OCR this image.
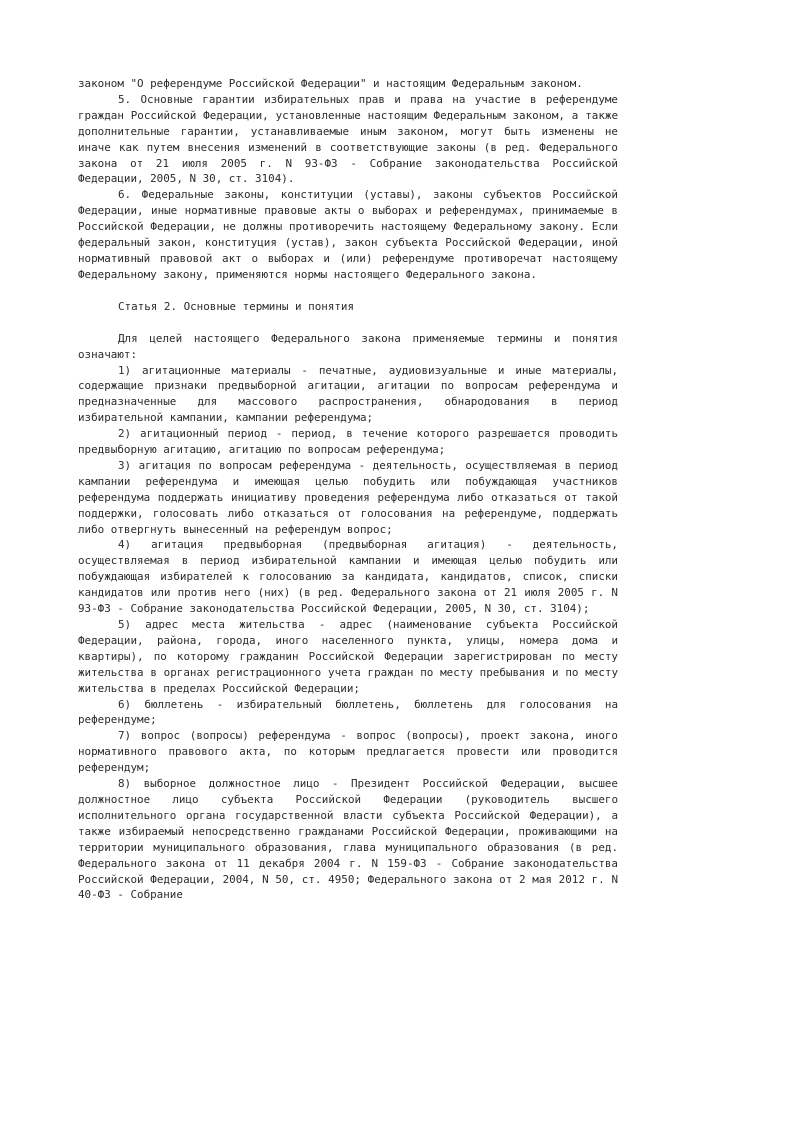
законом "О референдуме Российской Федерации" и настоящим Федеральным законом.

5. Основные гарантии избирательных прав и права на участие в референдуме граждан Российской Федерации, установленные настоящим Федеральным законом, а также дополнительные гарантии, устанавливаемые иным законом, могут быть изменены не иначе как путем внесения изменений в соответствующие законы (в ред. Федерального закона от 21 июля 2005 г. N 93-ФЗ - Собрание законодательства Российской Федерации, 2005, N 30, ст. 3104).

6. Федеральные законы, конституции (уставы), законы субъектов Российской Федерации, иные нормативные правовые акты о выборах и референдумах, принимаемые в Российской Федерации, не должны противоречить настоящему Федеральному закону. Если федеральный закон, конституция (устав), закон субъекта Российской Федерации, иной нормативный правовой акт о выборах и (или) референдуме противоречат настоящему Федеральному закону, применяются нормы настоящего Федерального закона.

Статья 2. Основные термины и понятия

Для целей настоящего Федерального закона применяемые термины и понятия означают:

1) агитационные материалы - печатные, аудиовизуальные и иные материалы, содержащие признаки предвыборной агитации, агитации по вопросам референдума и предназначенные для массового распространения, обнародования в период избирательной кампании, кампании референдума;

2) агитационный период - период, в течение которого разрешается проводить предвыборную агитацию, агитацию по вопросам референдума;

3) агитация по вопросам референдума - деятельность, осуществляемая в период кампании референдума и имеющая целью побудить или побуждающая участников референдума поддержать инициативу проведения референдума либо отказаться от такой поддержки, голосовать либо отказаться от голосования на референдуме, поддержать либо отвергнуть вынесенный на референдум вопрос;

4) агитация предвыборная (предвыборная агитация) - деятельность, осуществляемая в период избирательной кампании и имеющая целью побудить или побуждающая избирателей к голосованию за кандидата, кандидатов, список, списки кандидатов или против него (них) (в ред. Федерального закона от 21 июля 2005 г. N 93-ФЗ - Собрание законодательства Российской Федерации, 2005, N 30, ст. 3104);

5) адрес места жительства - адрес (наименование субъекта Российской Федерации, района, города, иного населенного пункта, улицы, номера дома и квартиры), по которому гражданин Российской Федерации зарегистрирован по месту жительства в органах регистрационного учета граждан по месту пребывания и по месту жительства в пределах Российской Федерации;

6) бюллетень - избирательный бюллетень, бюллетень для голосования на референдуме;

7) вопрос (вопросы) референдума - вопрос (вопросы), проект закона, иного нормативного правового акта, по которым предлагается провести или проводится референдум;

8) выборное должностное лицо - Президент Российской Федерации, высшее должностное лицо субъекта Российской Федерации (руководитель высшего исполнительного органа государственной власти субъекта Российской Федерации), а также избираемый непосредственно гражданами Российской Федерации, проживающими на территории муниципального образования, глава муниципального образования (в ред. Федерального закона от 11 декабря 2004 г. N 159-ФЗ - Собрание законодательства Российской Федерации, 2004, N 50, ст. 4950; Федерального закона от 2 мая 2012 г. N 40-ФЗ - Собрание
